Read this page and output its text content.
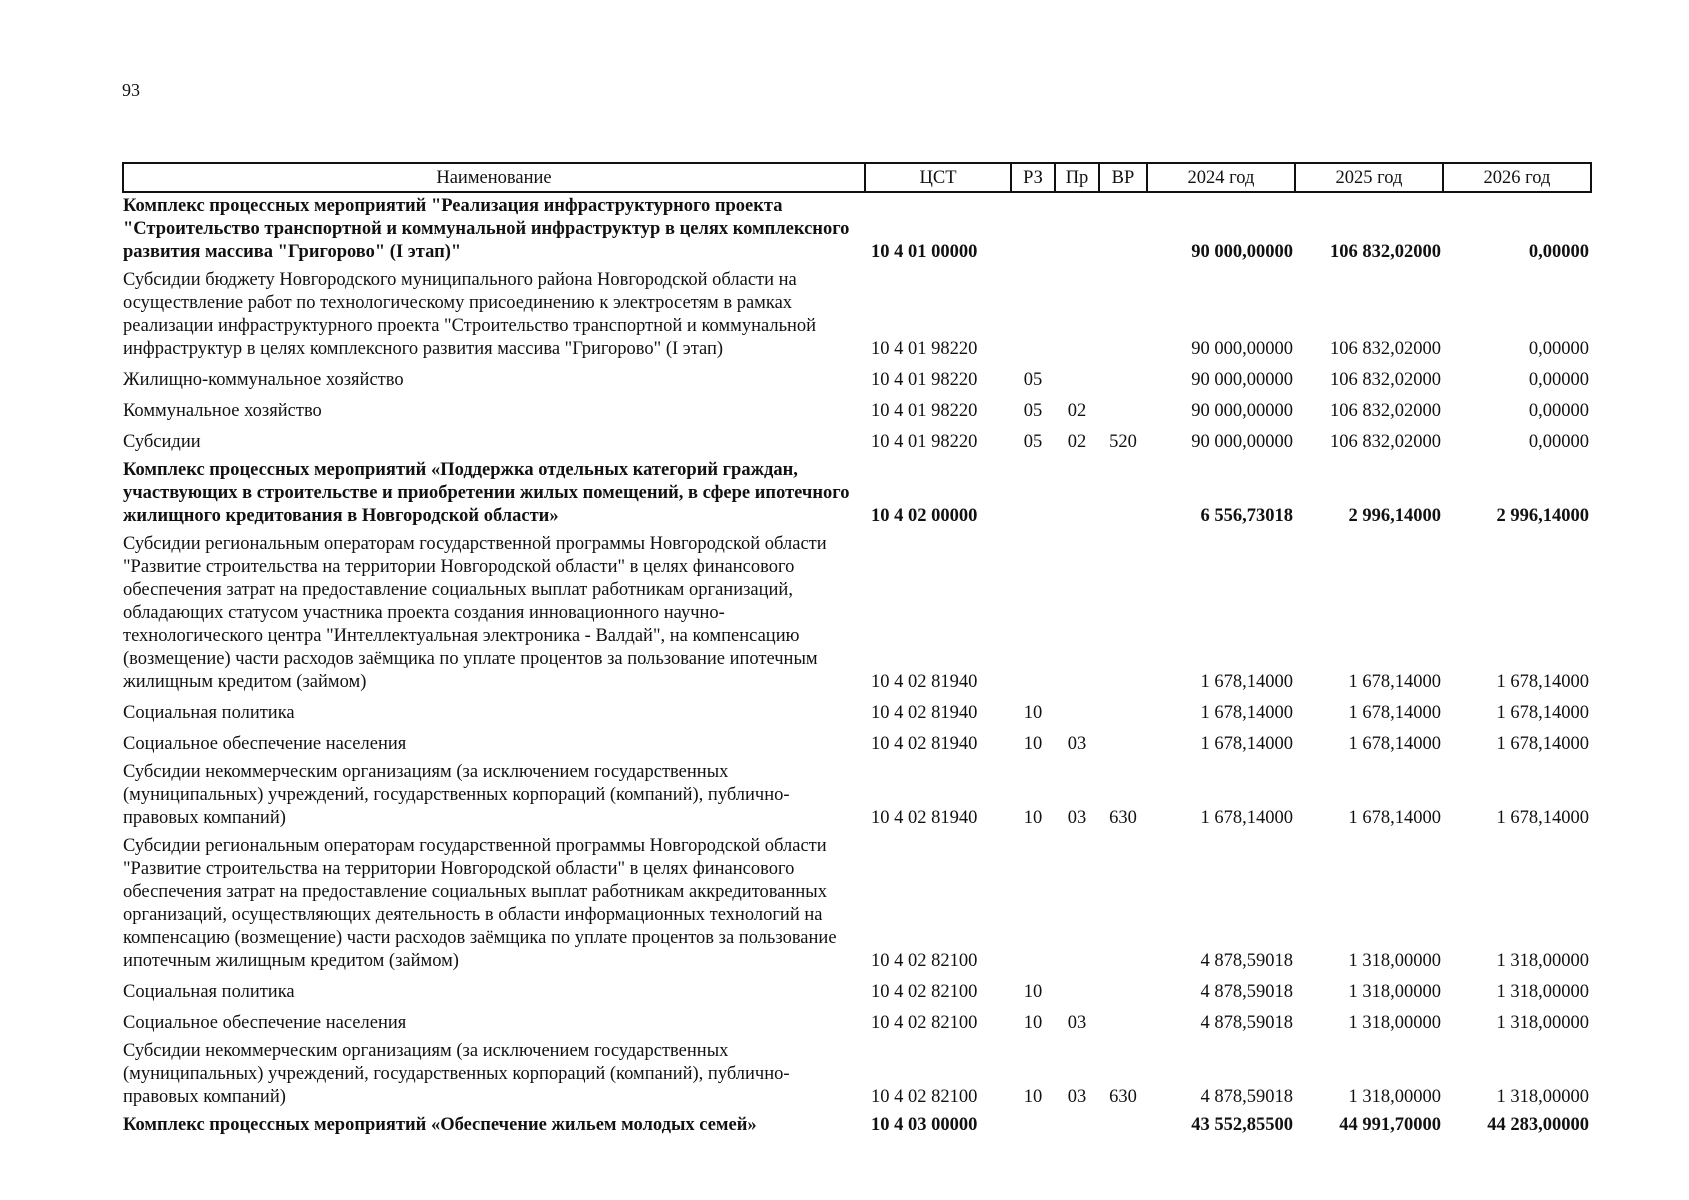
93
Наименование	ЦСТ	РЗ	Пр	ВР	2024 год	2025 год	2026 год
Комплекс процессных мероприятий "Реализация инфраструктурного проекта "Строительство транспортной и коммунальной инфраструктур в целях комплексного развития массива "Григорово" (I этап)"	10 4 01 00000				90 000,00000	106 832,02000	0,00000
Субсидии бюджету Новгородского муниципального района Новгородской области на осуществление работ по технологическому присоединению к электросетям в рамках реализации инфраструктурного проекта "Строительство транспортной и коммунальной инфраструктур в целях комплексного развития массива "Григорово" (I этап)	10 4 01 98220				90 000,00000	106 832,02000	0,00000
Жилищно-коммунальное хозяйство	10 4 01 98220	05			90 000,00000	106 832,02000	0,00000
Коммунальное хозяйство	10 4 01 98220	05	02		90 000,00000	106 832,02000	0,00000
Субсидии	10 4 01 98220	05	02	520	90 000,00000	106 832,02000	0,00000
Комплекс процессных мероприятий «Поддержка отдельных категорий граждан, участвующих в строительстве и приобретении жилых помещений, в сфере ипотечного жилищного кредитования в Новгородской области»	10 4 02 00000				6 556,73018	2 996,14000	2 996,14000
Субсидии региональным операторам государственной программы Новгородской области "Развитие строительства на территории Новгородской области" в целях финансового обеспечения затрат на предоставление социальных выплат работникам организаций, обладающих статусом участника проекта создания инновационного научно-технологического центра "Интеллектуальная электроника - Валдай", на компенсацию (возмещение) части расходов заёмщика по уплате процентов за пользование ипотечным жилищным кредитом (займом)	10 4 02 81940				1 678,14000	1 678,14000	1 678,14000
Социальная политика	10 4 02 81940	10			1 678,14000	1 678,14000	1 678,14000
Социальное обеспечение населения	10 4 02 81940	10	03		1 678,14000	1 678,14000	1 678,14000
Субсидии некоммерческим организациям (за исключением государственных (муниципальных) учреждений, государственных корпораций (компаний), публично-правовых компаний)	10 4 02 81940	10	03	630	1 678,14000	1 678,14000	1 678,14000
Субсидии региональным операторам государственной программы Новгородской области "Развитие строительства на территории Новгородской области" в целях финансового обеспечения затрат на предоставление социальных выплат работникам аккредитованных организаций, осуществляющих деятельность в области информационных технологий на компенсацию (возмещение) части расходов заёмщика по уплате процентов за пользование ипотечным жилищным кредитом (займом)	10 4 02 82100				4 878,59018	1 318,00000	1 318,00000
Социальная политика	10 4 02 82100	10			4 878,59018	1 318,00000	1 318,00000
Социальное обеспечение населения	10 4 02 82100	10	03		4 878,59018	1 318,00000	1 318,00000
Субсидии некоммерческим организациям (за исключением государственных (муниципальных) учреждений, государственных корпораций (компаний), публично-правовых компаний)	10 4 02 82100	10	03	630	4 878,59018	1 318,00000	1 318,00000
Комплекс процессных мероприятий «Обеспечение жильем молодых семей»	10 4 03 00000				43 552,85500	44 991,70000	44 283,00000
